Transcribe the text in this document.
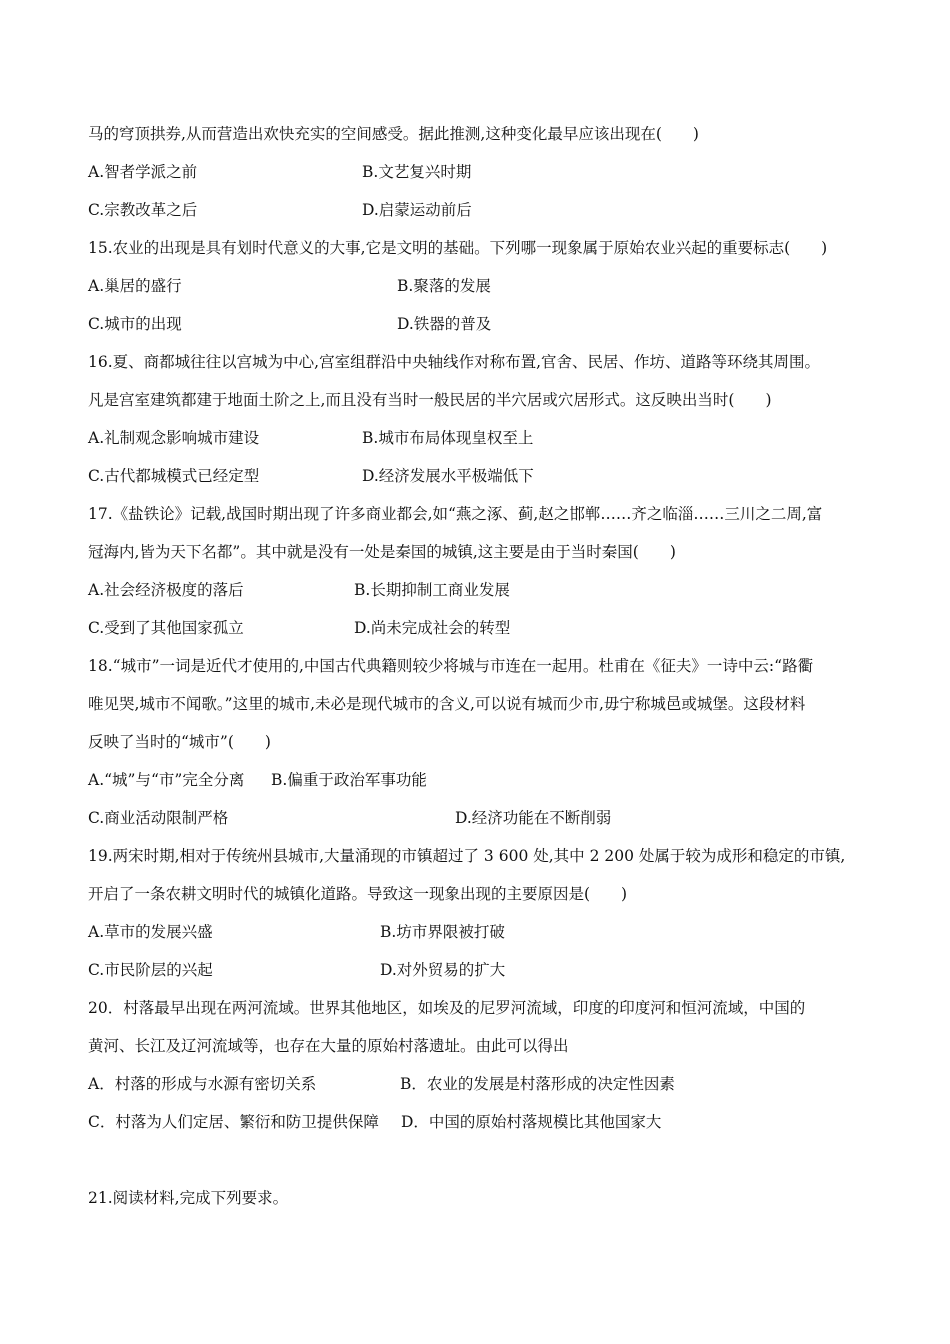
马的穹顶拱券,从而营造出欢快充实的空间感受。据此推测,这种变化最早应该出现在(　　)
A.智者学派之前	B.文艺复兴时期
C.宗教改革之后	D.启蒙运动前后
15.农业的出现是具有划时代意义的大事,它是文明的基础。下列哪一现象属于原始农业兴起的重要标志(　　)
A.巢居的盛行	B.聚落的发展
C.城市的出现	D.铁器的普及
16.夏、商都城往往以宫城为中心,宫室组群沿中央轴线作对称布置,官舍、民居、作坊、道路等环绕其周围。
凡是宫室建筑都建于地面土阶之上,而且没有当时一般民居的半穴居或穴居形式。这反映出当时(　　)
A.礼制观念影响城市建设	B.城市布局体现皇权至上
C.古代都城模式已经定型	D.经济发展水平极端低下
17.《盐铁论》记载,战国时期出现了许多商业都会,如“燕之涿、蓟,赵之邯郸……齐之临淄……三川之二周,富
冠海内,皆为天下名都”。其中就是没有一处是秦国的城镇,这主要是由于当时秦国(　　)
A.社会经济极度的落后	B.长期抑制工商业发展
C.受到了其他国家孤立	D.尚未完成社会的转型
18.“城市”一词是近代才使用的,中国古代典籍则较少将城与市连在一起用。杜甫在《征夫》一诗中云:“路衢
唯见哭,城市不闻歌。”这里的城市,未必是现代城市的含义,可以说有城而少市,毋宁称城邑或城堡。这段材料
反映了当时的“城市”(　　)
A.“城”与“市”完全分离 B.偏重于政治军事功能
C.商业活动限制严格	D.经济功能在不断削弱
19.两宋时期,相对于传统州县城市,大量涌现的市镇超过了 3 600 处,其中 2 200 处属于较为成形和稳定的市镇,
开启了一条农耕文明时代的城镇化道路。导致这一现象出现的主要原因是(　　)
A.草市的发展兴盛	B.坊市界限被打破
C.市民阶层的兴起	D.对外贸易的扩大
20．村落最早出现在两河流域。世界其他地区，如埃及的尼罗河流域，印度的印度河和恒河流域，中国的
黄河、长江及辽河流域等，也存在大量的原始村落遗址。由此可以得出
A．村落的形成与水源有密切关系	B．农业的发展是村落形成的决定性因素
C．村落为人们定居、繁衍和防卫提供保障 D．中国的原始村落规模比其他国家大
21.阅读材料,完成下列要求。
